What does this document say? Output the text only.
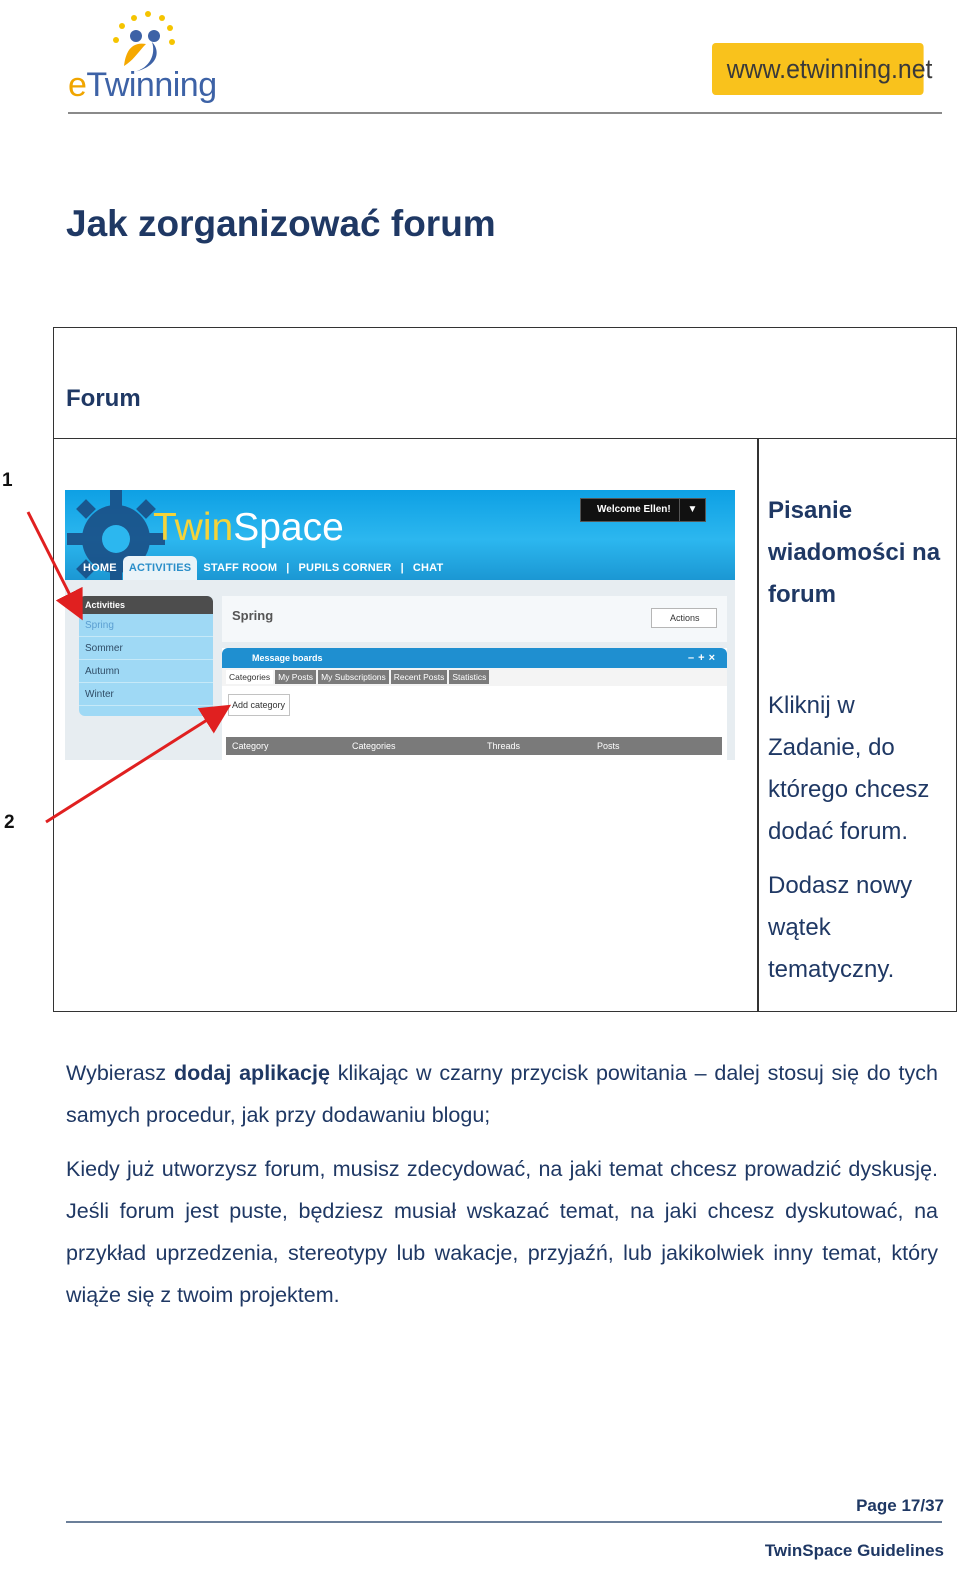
eTwinning	www.etwinning.net
Jak zorganizować forum
1
2
Forum
Pisanie wiadomości na forum
Kliknij w Zadanie, do którego chcesz dodać forum.
Dodasz nowy wątek tematyczny.
TwinSpace	Welcome Ellen!	▼
HOME	ACTIVITIES	STAFF ROOM | PUPILS CORNER | CHAT
Activities
Spring
Sommer
Autumn
Winter
Spring	Actions
Message boards	–+×
Categories My Posts My Subscriptions Recent Posts Statistics
Add category
Category	Categories	Threads	Posts
Wybierasz dodaj aplikację klikając w czarny przycisk powitania – dalej stosuj się do tych samych procedur, jak przy dodawaniu blogu;
Kiedy już utworzysz forum, musisz zdecydować, na jaki temat chcesz prowadzić dyskusję. Jeśli forum jest puste, będziesz musiał wskazać temat, na jaki chcesz dyskutować, na przykład uprzedzenia, stereotypy lub wakacje, przyjaźń, lub jakikolwiek inny temat, który wiąże się z twoim projektem.
Page 17/37
TwinSpace Guidelines
